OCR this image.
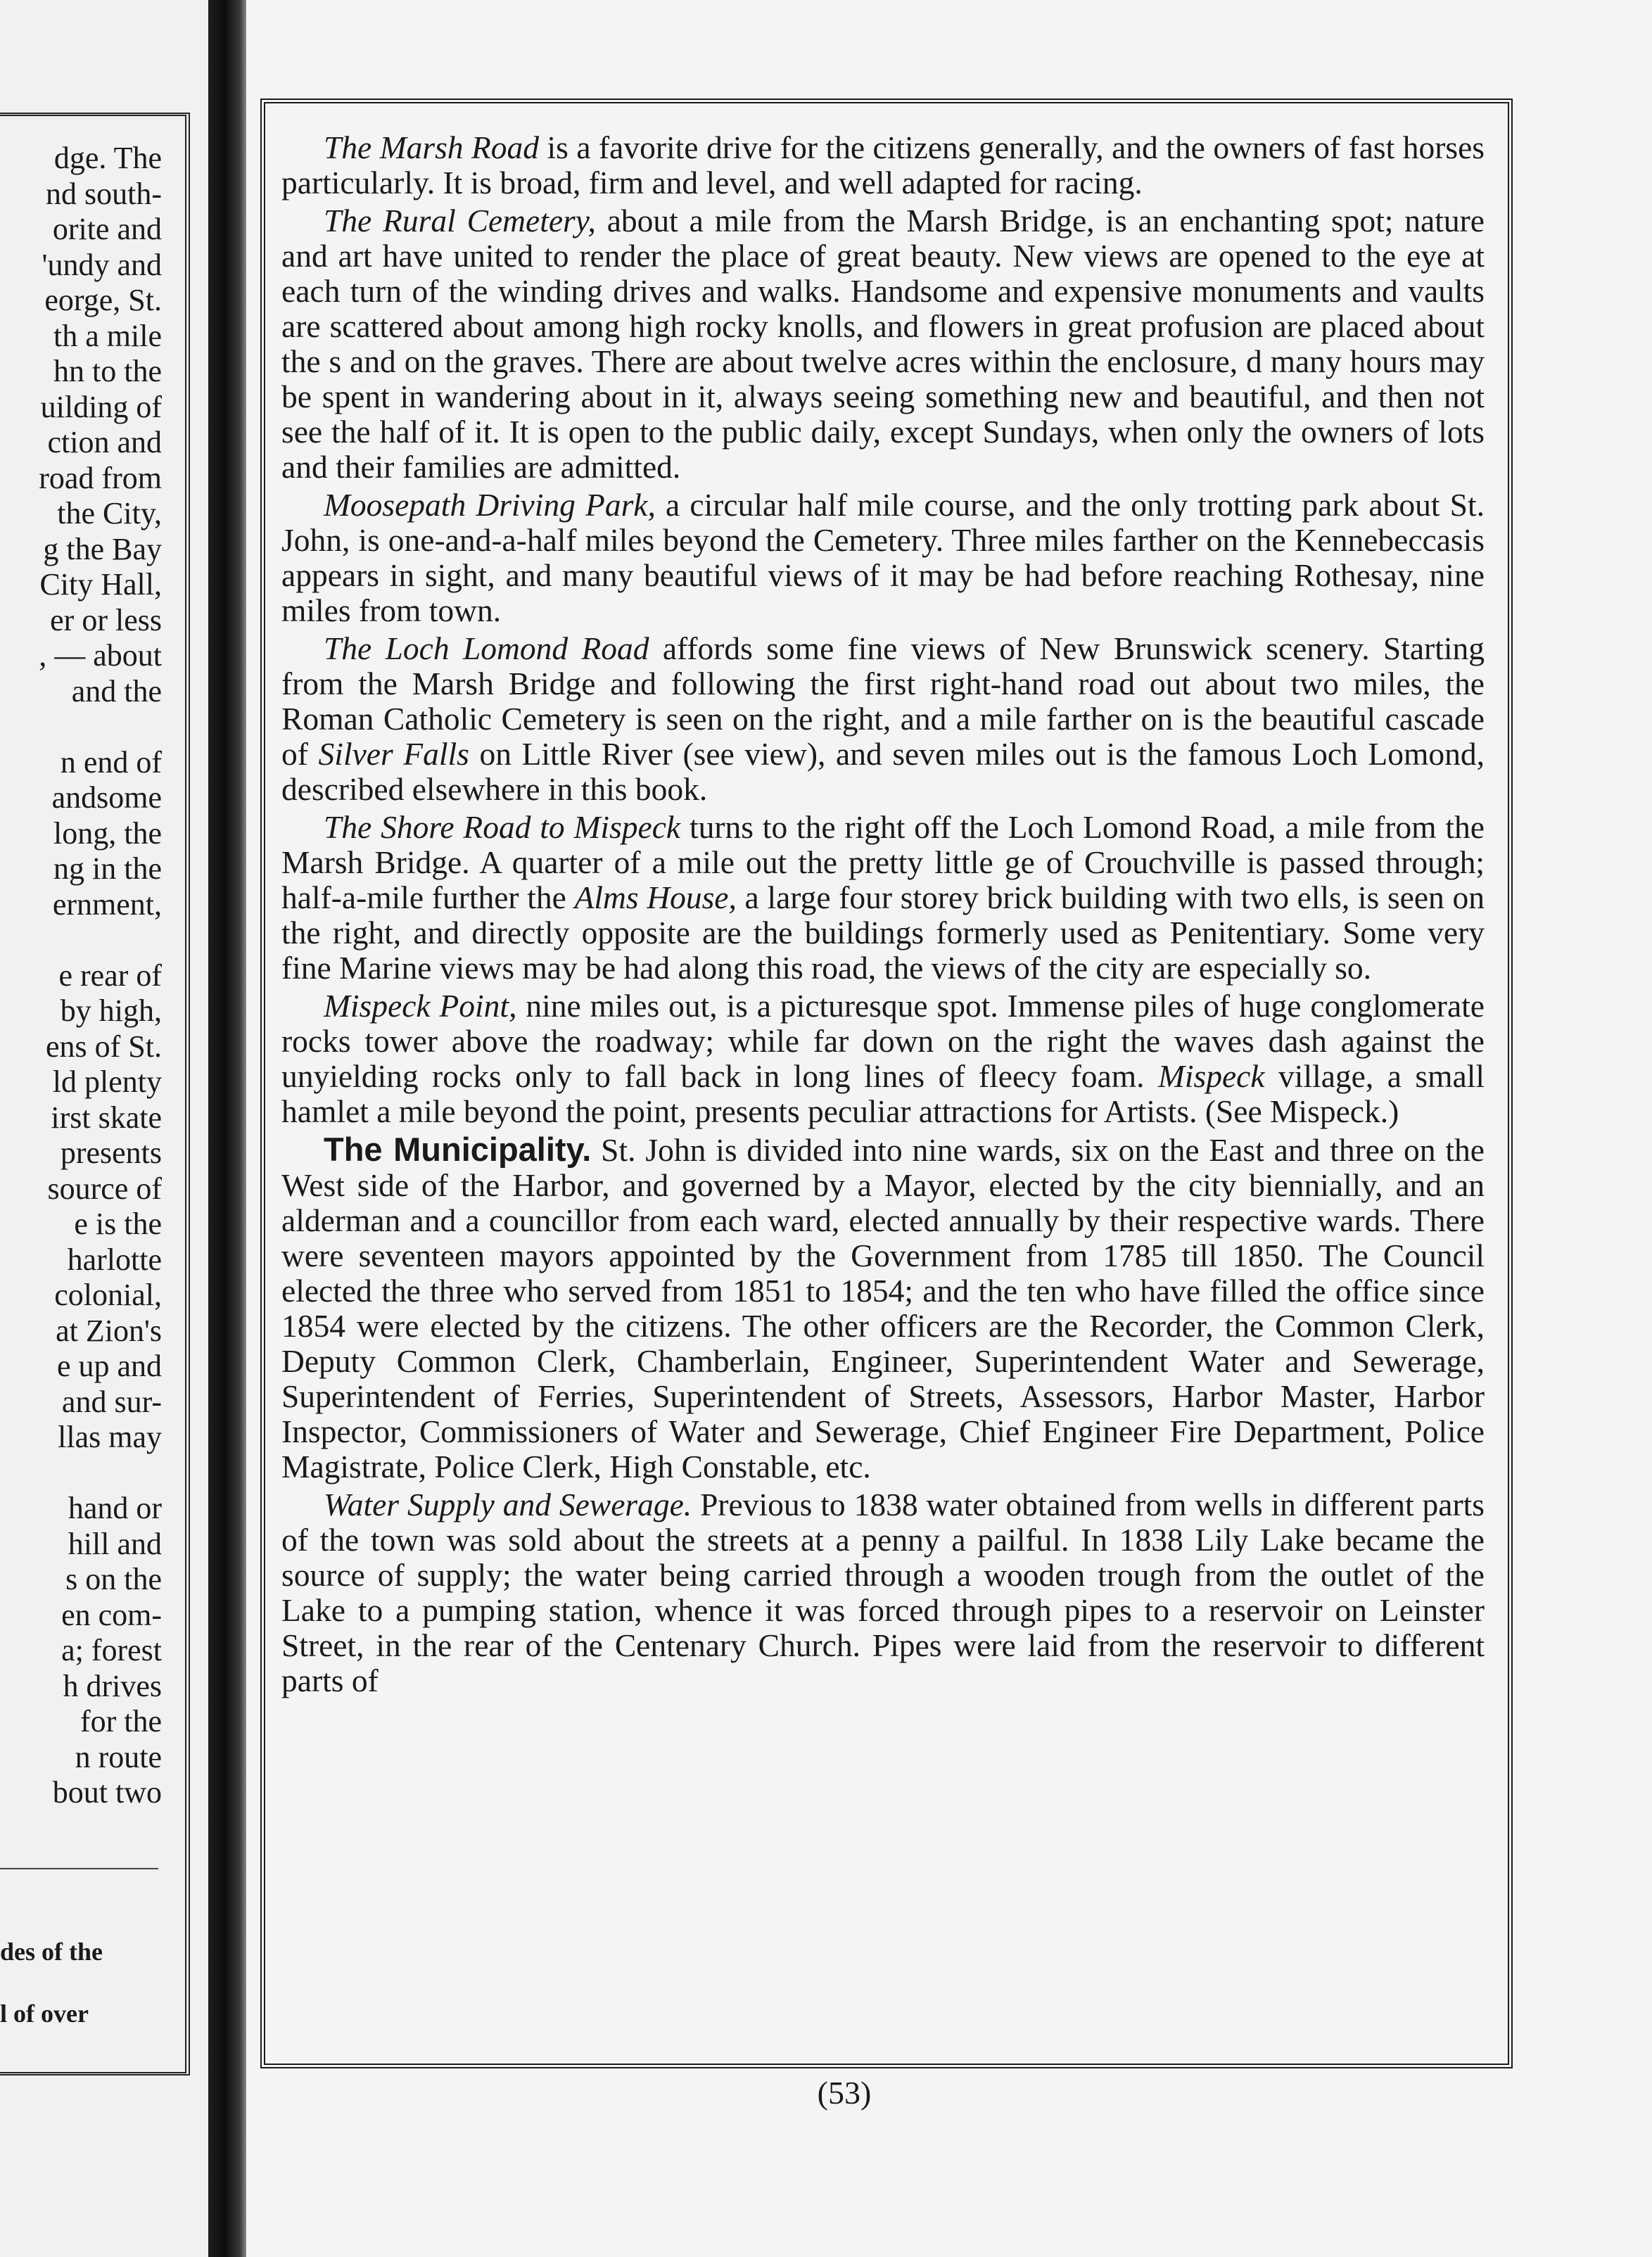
dge. The
nd south-
orite and
'undy and
eorge, St.
th a mile
hn to the
uilding of
ction and
road from
the City,
g the Bay
City Hall,
er or less
, — about
and the
n end of
andsome
long, the
ng in the
ernment,
e rear of
by high,
ens of St.
ld plenty
irst skate
presents
source of
e is the
harlotte
colonial,
at Zion's
e up and
and sur-
llas may
hand or
hill and
s on the
en com-
a; forest
h drives
for the
n route
bout two
des of the
l of over

The Marsh Road is a favorite drive for the citizens generally, and the owners of fast horses particularly. It is broad, firm and level, and well adapted for racing.

The Rural Cemetery, about a mile from the Marsh Bridge, is an enchanting spot; nature and art have united to render the place of great beauty. New views are opened to the eye at each turn of the winding drives and walks. Handsome and expensive monuments and vaults are scattered about among high rocky knolls, and flowers in great profusion are placed about the s and on the graves. There are about twelve acres within the enclosure, d many hours may be spent in wandering about in it, always seeing something new and beautiful, and then not see the half of it. It is open to the public daily, except Sundays, when only the owners of lots and their families are admitted.

Moosepath Driving Park, a circular half mile course, and the only trotting park about St. John, is one-and-a-half miles beyond the Cemetery. Three miles farther on the Kennebeccasis appears in sight, and many beautiful views of it may be had before reaching Rothesay, nine miles from town.

The Loch Lomond Road affords some fine views of New Brunswick scenery. Starting from the Marsh Bridge and following the first right-hand road out about two miles, the Roman Catholic Cemetery is seen on the right, and a mile farther on is the beautiful cascade of Silver Falls on Little River (see view), and seven miles out is the famous Loch Lomond, described elsewhere in this book.

The Shore Road to Mispeck turns to the right off the Loch Lomond Road, a mile from the Marsh Bridge. A quarter of a mile out the pretty little ge of Crouchville is passed through; half-a-mile further the Alms House, a large four storey brick building with two ells, is seen on the right, and directly opposite are the buildings formerly used as Penitentiary. Some very fine Marine views may be had along this road, the views of the city are especially so.

Mispeck Point, nine miles out, is a picturesque spot. Immense piles of huge conglomerate rocks tower above the roadway; while far down on the right the waves dash against the unyielding rocks only to fall back in long lines of fleecy foam. Mispeck village, a small hamlet a mile beyond the point, presents peculiar attractions for Artists. (See Mispeck.)

The Municipality. St. John is divided into nine wards, six on the East and three on the West side of the Harbor, and governed by a Mayor, elected by the city biennially, and an alderman and a councillor from each ward, elected annually by their respective wards. There were seventeen mayors appointed by the Government from 1785 till 1850. The Council elected the three who served from 1851 to 1854; and the ten who have filled the office since 1854 were elected by the citizens. The other officers are the Recorder, the Common Clerk, Deputy Common Clerk, Chamberlain, Engineer, Superintendent Water and Sewerage, Superintendent of Ferries, Superintendent of Streets, Assessors, Harbor Master, Harbor Inspector, Commissioners of Water and Sewerage, Chief Engineer Fire Department, Police Magistrate, Police Clerk, High Constable, etc.

Water Supply and Sewerage. Previous to 1838 water obtained from wells in different parts of the town was sold about the streets at a penny a pailful. In 1838 Lily Lake became the source of supply; the water being carried through a wooden trough from the outlet of the Lake to a pumping station, whence it was forced through pipes to a reservoir on Leinster Street, in the rear of the Centenary Church. Pipes were laid from the reservoir to different parts of

(53)
